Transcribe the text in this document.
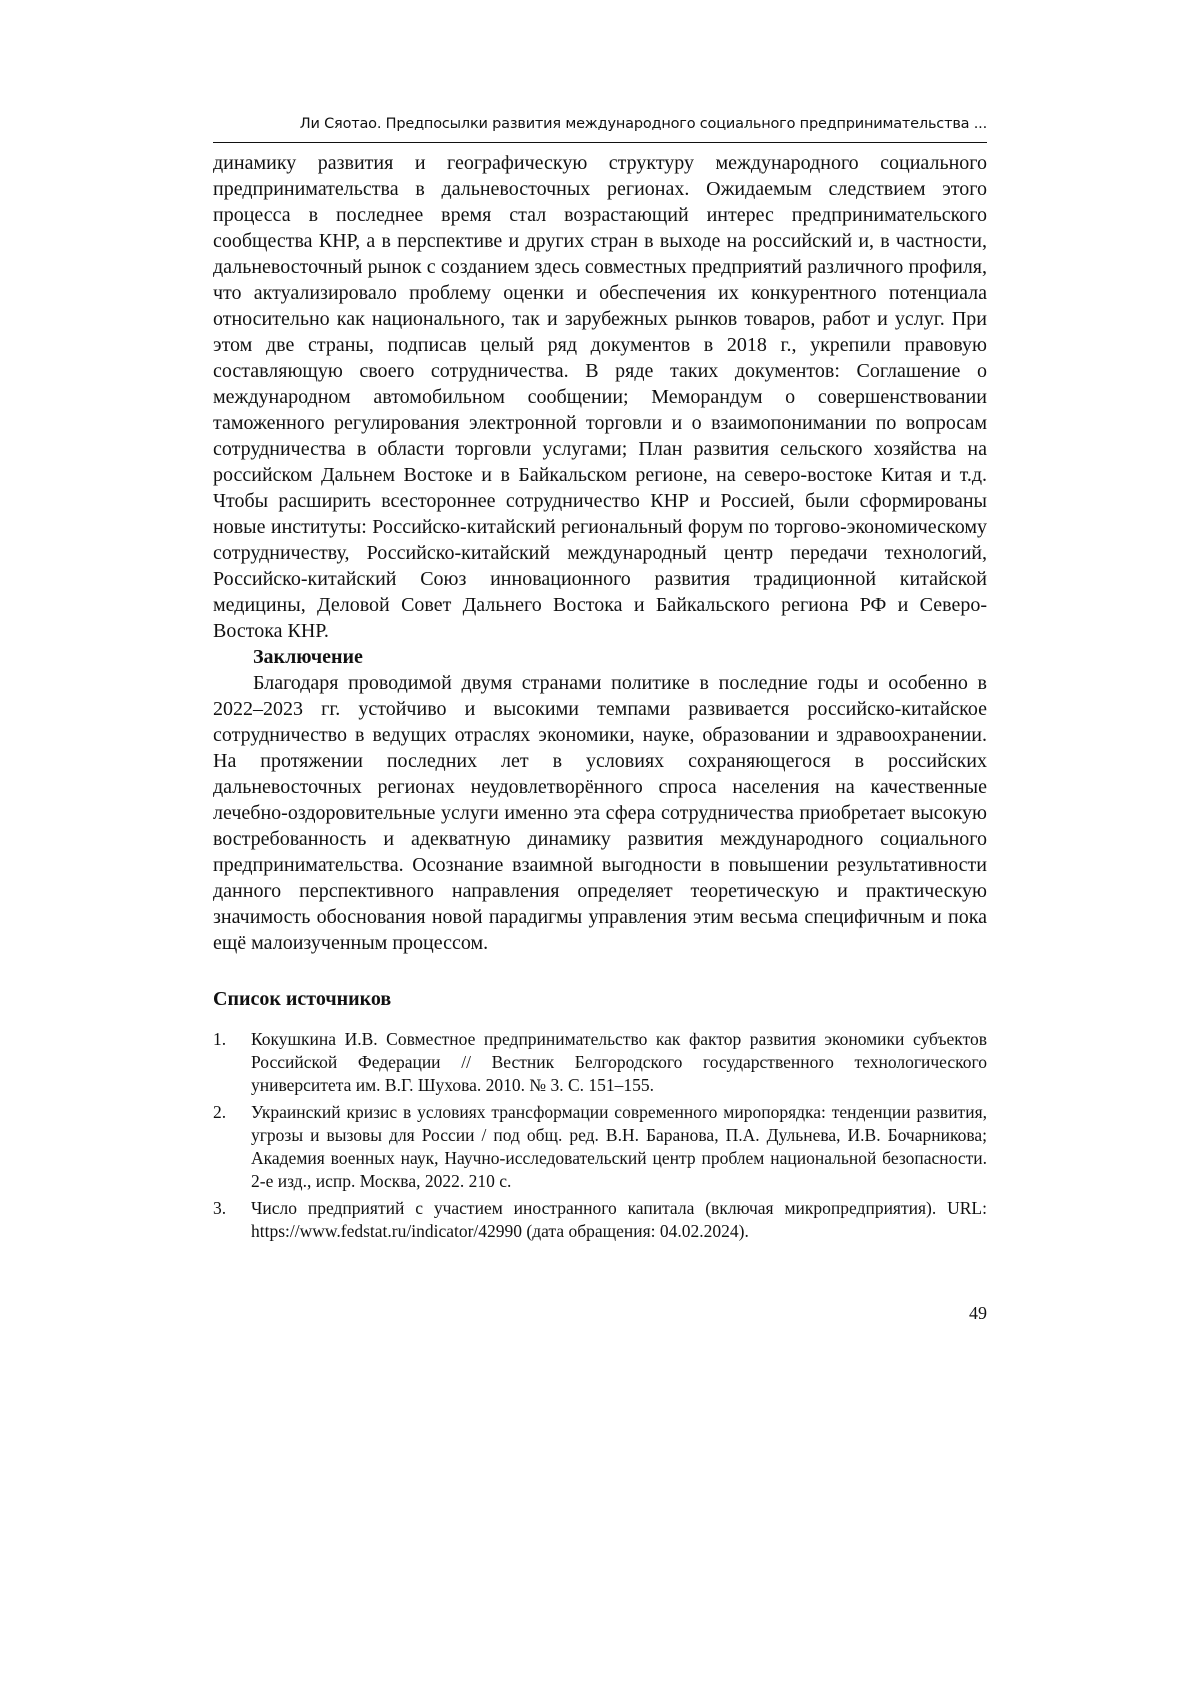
Ли Сяотао. Предпосылки развития международного социального предпринимательства ...

динамику развития и географическую структуру международного социального предпринимательства в дальневосточных регионах. Ожидаемым следствием этого процесса в последнее время стал возрастающий интерес предпринимательского сообщества КНР, а в перспективе и других стран в выходе на российский и, в частности, дальневосточный рынок с созданием здесь совместных предприятий различного профиля, что актуализировало проблему оценки и обеспечения их конкурентного потенциала относительно как национального, так и зарубежных рынков товаров, работ и услуг. При этом две страны, подписав целый ряд документов в 2018 г., укрепили правовую составляющую своего сотрудничества. В ряде таких документов: Соглашение о международном автомобильном сообщении; Меморандум о совершенствовании таможенного регулирования электронной торговли и о взаимопонимании по вопросам сотрудничества в области торговли услугами; План развития сельского хозяйства на российском Дальнем Востоке и в Байкальском регионе, на северо-востоке Китая и т.д. Чтобы расширить всестороннее сотрудничество КНР и Россией, были сформированы новые институты: Российско-китайский региональный форум по торгово-экономическому сотрудничеству, Российско-китайский международный центр передачи технологий, Российско-китайский Союз инновационного развития традиционной китайской медицины, Деловой Совет Дальнего Востока и Байкальского региона РФ и Северо-Востока КНР.

Заключение

Благодаря проводимой двумя странами политике в последние годы и особенно в 2022–2023 гг. устойчиво и высокими темпами развивается российско-китайское сотрудничество в ведущих отраслях экономики, науке, образовании и здравоохранении. На протяжении последних лет в условиях сохраняющегося в российских дальневосточных регионах неудовлетворённого спроса населения на качественные лечебно-оздоровительные услуги именно эта сфера сотрудничества приобретает высокую востребованность и адекватную динамику развития международного социального предпринимательства. Осознание взаимной выгодности в повышении результативности данного перспективного направления определяет теоретическую и практическую значимость обоснования новой парадигмы управления этим весьма специфичным и пока ещё малоизученным процессом.

Список источников

1. Кокушкина И.В. Совместное предпринимательство как фактор развития экономики субъектов Российской Федерации // Вестник Белгородского государственного технологического университета им. В.Г. Шухова. 2010. № 3. С. 151–155.
2. Украинский кризис в условиях трансформации современного миропорядка: тенденции развития, угрозы и вызовы для России / под общ. ред. В.Н. Баранова, П.А. Дульнева, И.В. Бочарникова; Академия военных наук, Научно-исследовательский центр проблем национальной безопасности. 2-е изд., испр. Москва, 2022. 210 с.
3. Число предприятий с участием иностранного капитала (включая микропредприятия). URL: https://www.fedstat.ru/indicator/42990 (дата обращения: 04.02.2024).
49
